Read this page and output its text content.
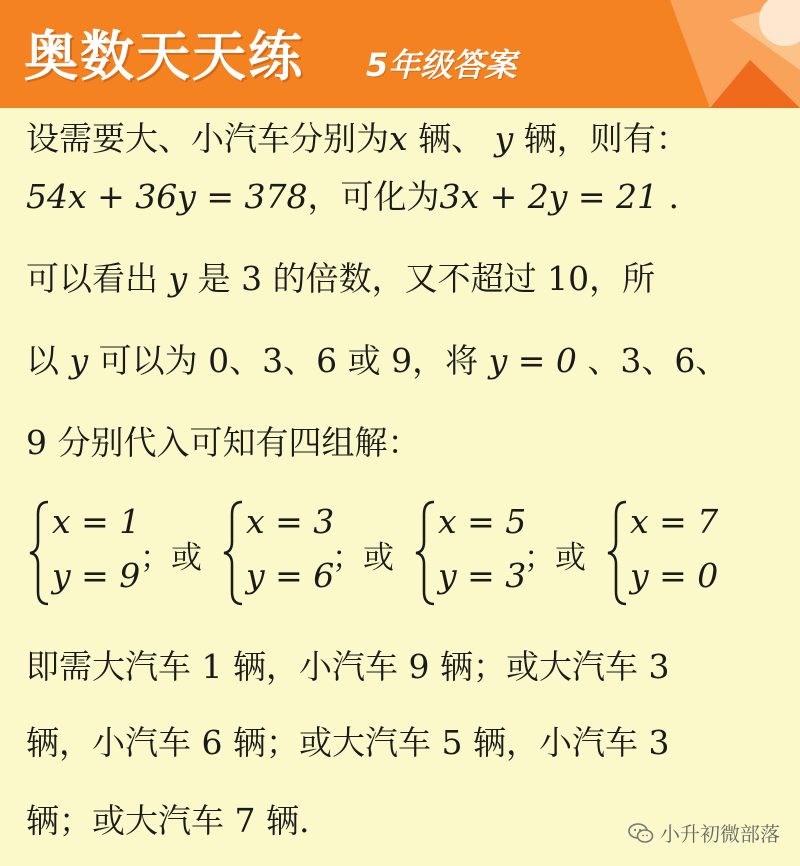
奥数天天练 5年级答案
设需要大、小汽车分别为x 辆、 y 辆，则有：
54x + 36y = 378，可化为3x + 2y = 21 .
可以看出 y 是 3 的倍数，又不超过 10，所
以 y 可以为 0、3、6 或 9，将 y = 0 、3、6、
9 分别代入可知有四组解：
x = 1
y = 9 ；或
x = 3
y = 6
；或
x = 5
y = 3
；或
x = 7
y = 0
即需大汽车 1 辆，小汽车 9 辆；或大汽车 3
辆，小汽车 6 辆；或大汽车 5 辆，小汽车 3
辆；或大汽车 7 辆.	小升初微部落
